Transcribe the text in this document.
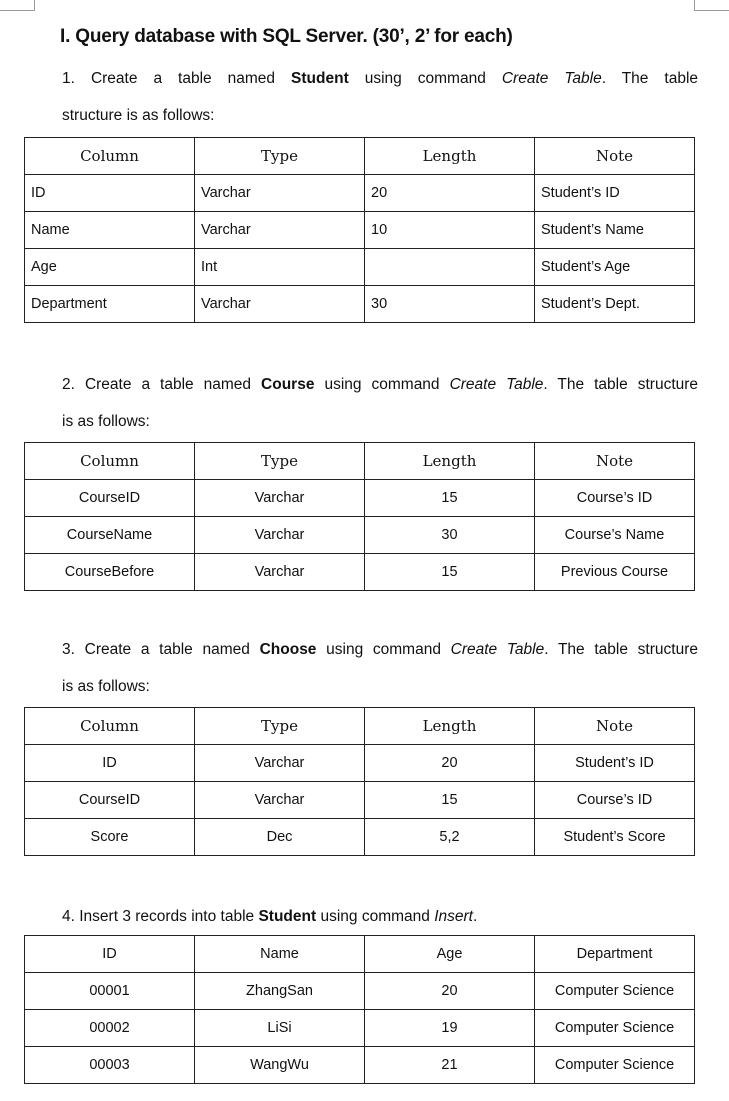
I. Query database with SQL Server. (30’, 2’ for each)
1. Create a table named Student using command Create Table. The table
structure is as follows:
Column	Type	Length	Note
ID	Varchar	20	Student’s ID
Name	Varchar	10	Student’s Name
Age	Int		Student’s Age
Department	Varchar	30	Student’s Dept.
2. Create a table named Course using command Create Table. The table structure
is as follows:
Column	Type	Length	Note
CourseID	Varchar	15	Course’s ID
CourseName	Varchar	30	Course’s Name
CourseBefore	Varchar	15	Previous Course
3. Create a table named Choose using command Create Table. The table structure
is as follows:
Column	Type	Length	Note
ID	Varchar	20	Student’s ID
CourseID	Varchar	15	Course’s ID
Score	Dec	5,2	Student’s Score
4. Insert 3 records into table Student using command Insert.
ID	Name	Age	Department
00001	ZhangSan	20	Computer Science
00002	LiSi	19	Computer Science
00003	WangWu	21	Computer Science
